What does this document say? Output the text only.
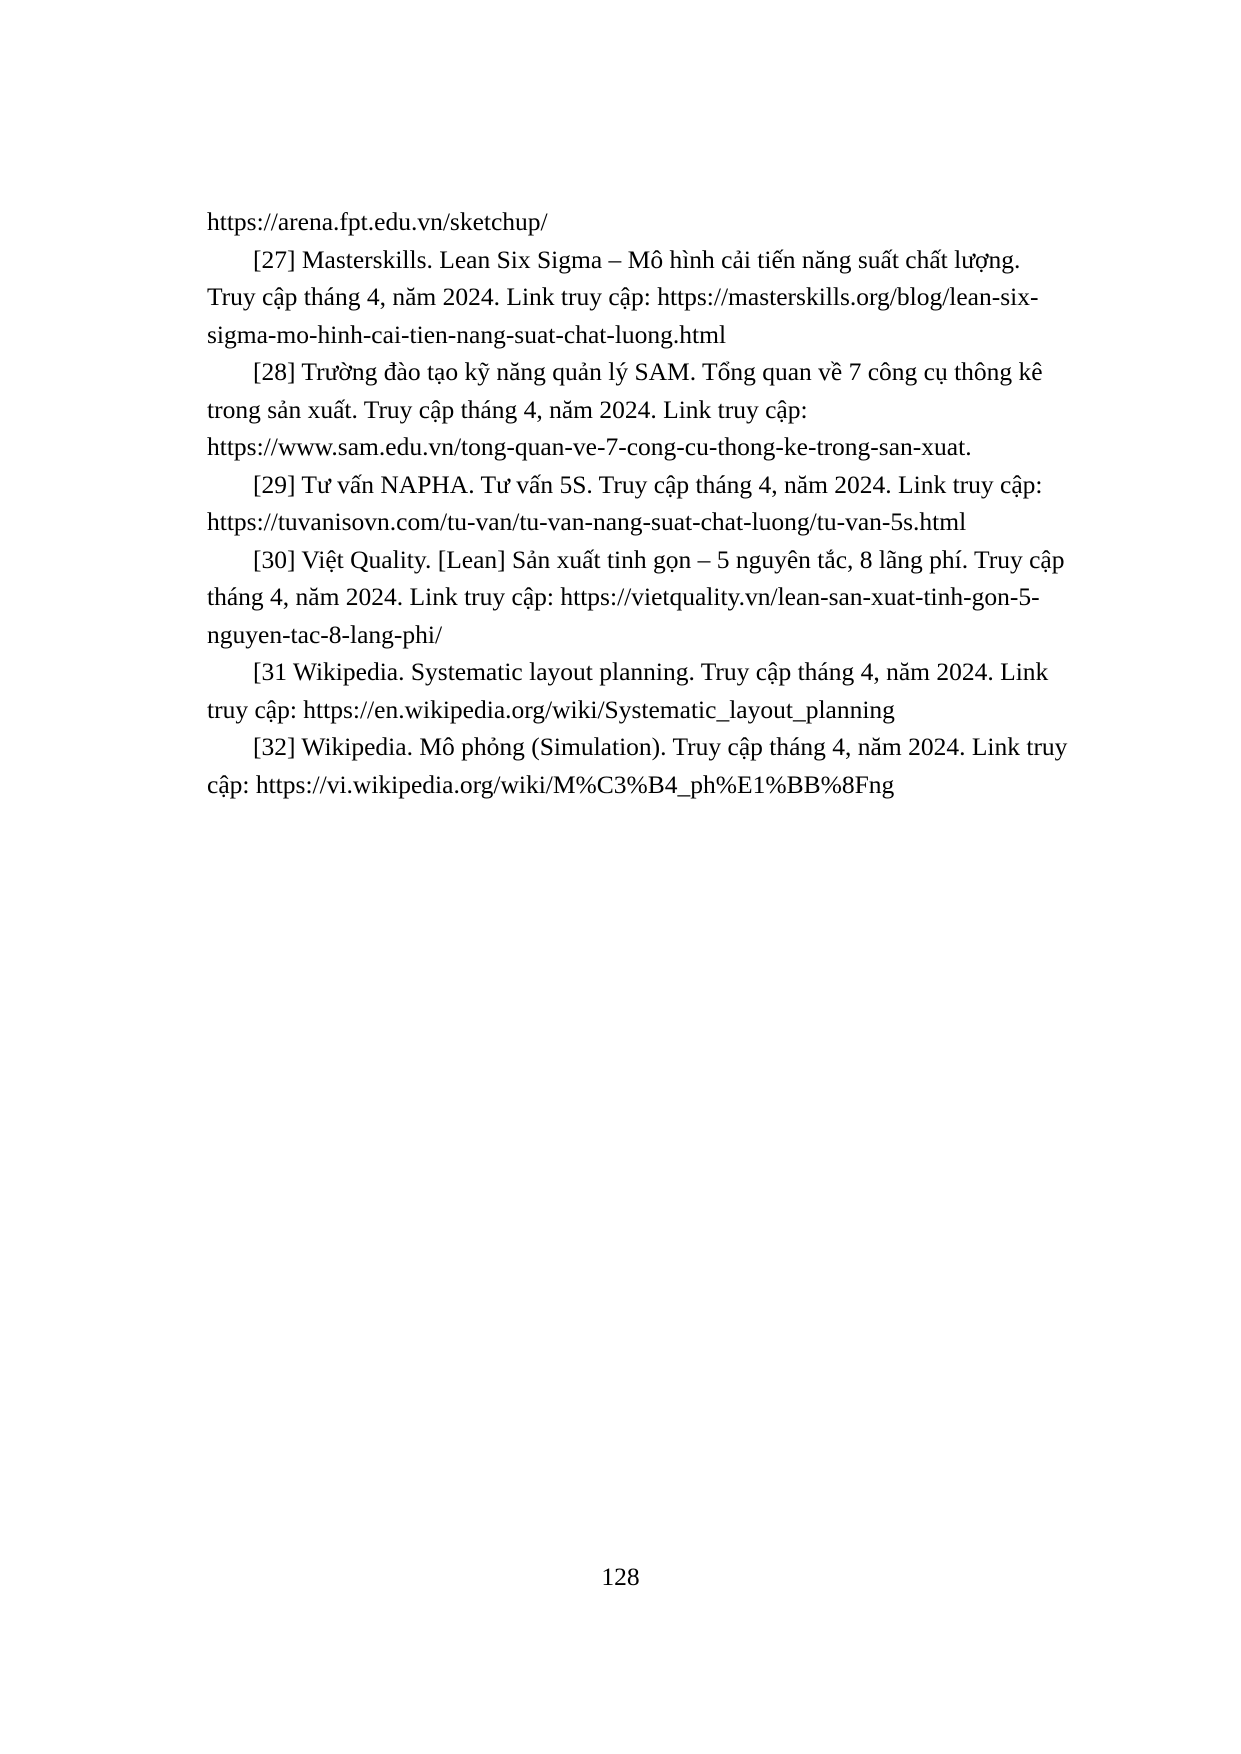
https://arena.fpt.edu.vn/sketchup/
[27] Masterskills. Lean Six Sigma – Mô hình cải tiến năng suất chất lượng.
Truy cập tháng 4, năm 2024. Link truy cập: https://masterskills.org/blog/lean-six-
sigma-mo-hinh-cai-tien-nang-suat-chat-luong.html
[28] Trường đào tạo kỹ năng quản lý SAM. Tổng quan về 7 công cụ thông kê
trong sản xuất. Truy cập tháng 4, năm 2024. Link truy cập:
https://www.sam.edu.vn/tong-quan-ve-7-cong-cu-thong-ke-trong-san-xuat.
[29] Tư vấn NAPHA. Tư vấn 5S. Truy cập tháng 4, năm 2024. Link truy cập:
https://tuvanisovn.com/tu-van/tu-van-nang-suat-chat-luong/tu-van-5s.html
[30] Việt Quality. [Lean] Sản xuất tinh gọn – 5 nguyên tắc, 8 lãng phí. Truy cập
tháng 4, năm 2024. Link truy cập: https://vietquality.vn/lean-san-xuat-tinh-gon-5-
nguyen-tac-8-lang-phi/
[31 Wikipedia. Systematic layout planning. Truy cập tháng 4, năm 2024. Link
truy cập: https://en.wikipedia.org/wiki/Systematic_layout_planning
[32] Wikipedia. Mô phỏng (Simulation). Truy cập tháng 4, năm 2024. Link truy
cập: https://vi.wikipedia.org/wiki/M%C3%B4_ph%E1%BB%8Fng
128
